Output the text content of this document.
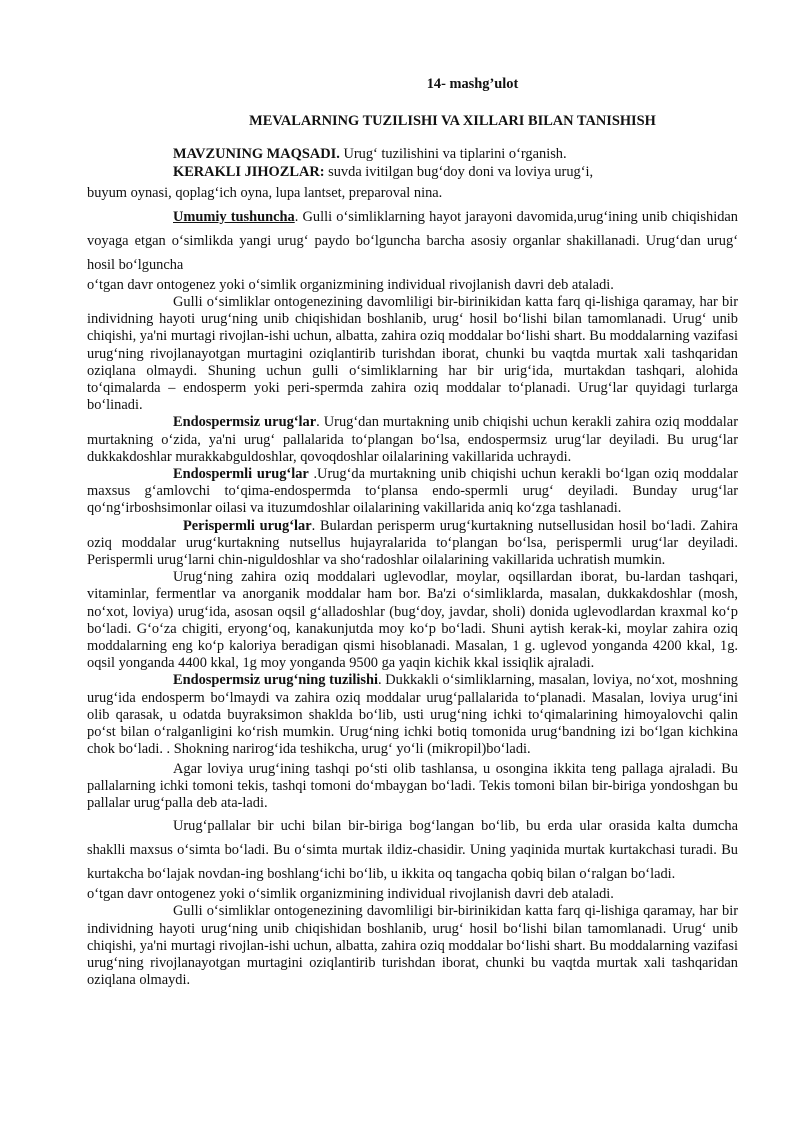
14- mashg’ulot
MEVALARNING TUZILISHI VA XILLARI BILAN TANISHISH

MAVZUNING MAQSADI. Urug‘ tuzilishini va tiplarini o‘rganish.

KERAKLI JIHOZLAR: suvda ivitilgan bug‘doy doni va loviya urug‘i,

buyum oynasi, qoplag‘ich oyna, lupa lantset, preparoval nina.

Umumiy tushuncha. Gulli o‘simliklarning hayot jarayoni davomida,urug‘ining unib chiqishidan voyaga etgan o‘simlikda yangi urug‘ paydo bo‘lguncha barcha asosiy organlar shakillanadi. Urug‘dan urug‘ hosil bo‘lguncha

o‘tgan davr ontogenez yoki o‘simlik organizmining individual rivojlanish davri deb ataladi.

Gulli o‘simliklar ontogenezining davomliligi bir-birinikidan katta farq qi-lishiga qaramay, har bir individning hayoti urug‘ning unib chiqishidan boshlanib, urug‘ hosil bo‘lishi bilan tamomlanadi. Urug‘ unib chiqishi, ya'ni murtagi rivojlan-ishi uchun, albatta, zahira oziq moddalar bo‘lishi shart. Bu moddalarning vazifasi urug‘ning rivojlanayotgan murtagini oziqlantirib turishdan iborat, chunki bu vaqtda murtak xali tashqaridan oziqlana olmaydi. Shuning uchun gulli o‘simliklarning har bir urig‘ida, murtakdan tashqari, alohida to‘qimalarda – endosperm yoki peri-spermda zahira oziq moddalar to‘planadi. Urug‘lar quyidagi turlarga bo‘linadi.

Endospermsiz urug‘lar. Urug‘dan murtakning unib chiqishi uchun kerakli zahira oziq moddalar murtakning o‘zida, ya'ni urug‘ pallalarida to‘plangan bo‘lsa, endospermsiz urug‘lar deyiladi. Bu urug‘lar dukkakdoshlar murakkabguldoshlar, qovoqdoshlar oilalarining vakillarida uchraydi.

Endospermli urug‘lar .Urug‘da murtakning unib chiqishi uchun kerakli bo‘lgan oziq moddalar maxsus g‘amlovchi to‘qima-endospermda to‘plansa endo-spermli urug‘ deyiladi. Bunday urug‘lar qo‘ng‘irboshsimonlar oilasi va ituzumdoshlar oilalarining vakillarida aniq ko‘zga tashlanadi.

Perispermli urug‘lar. Bulardan perisperm urug‘kurtakning nutsellusidan hosil bo‘ladi. Zahira oziq moddalar urug‘kurtakning nutsellus hujayralarida to‘plangan bo‘lsa, perispermli urug‘lar deyiladi. Perispermli urug‘larni chin-niguldoshlar va sho‘radoshlar oilalarining vakillarida uchratish mumkin.

Urug‘ning zahira oziq moddalari uglevodlar, moylar, oqsillardan iborat, bu-lardan tashqari, vitaminlar, fermentlar va anorganik moddalar ham bor. Ba'zi o‘simliklarda, masalan, dukkakdoshlar (mosh, no‘xot, loviya) urug‘ida, asosan oqsil g‘alladoshlar (bug‘doy, javdar, sholi) donida uglevodlardan kraxmal ko‘p bo‘ladi. G‘o‘za chigiti, eryong‘oq, kanakunjutda moy ko‘p bo‘ladi. Shuni aytish kerak-ki, moylar zahira oziq moddalarning eng ko‘p kaloriya beradigan qismi hisoblanadi. Masalan, 1 g. uglevod yonganda 4200 kkal, 1g. oqsil yonganda 4400 kkal, 1g moy yonganda 9500 ga yaqin kichik kkal issiqlik ajraladi.

Endospermsiz urug‘ning tuzilishi. Dukkakli o‘simliklarning, masalan, loviya, no‘xot, moshning urug‘ida endosperm bo‘lmaydi va zahira oziq moddalar urug‘pallalarida to‘planadi. Masalan, loviya urug‘ini olib qarasak, u odatda buyraksimon shaklda bo‘lib, usti urug‘ning ichki to‘qimalarining himoyalovchi qalin po‘st bilan o‘ralganligini ko‘rish mumkin. Urug‘ning ichki botiq tomonida urug‘bandning izi bo‘lgan kichkina chok bo‘ladi. . Shokning narirog‘ida teshikcha, urug‘ yo‘li (mikropil)bo‘ladi.

Agar loviya urug‘ining tashqi po‘sti olib tashlansa, u osongina ikkita teng pallaga ajraladi. Bu pallalarning ichki tomoni tekis, tashqi tomoni do‘mbaygan bo‘ladi. Tekis tomoni bilan bir-biriga yondoshgan bu pallalar urug‘palla deb ata-ladi.

Urug‘pallalar bir uchi bilan bir-biriga bog‘langan bo‘lib, bu erda ular orasida kalta dumcha shaklli maxsus o‘simta bo‘ladi. Bu o‘simta murtak ildiz-chasidir. Uning yaqinida murtak kurtakchasi turadi. Bu kurtakcha bo‘lajak novdan-ing boshlang‘ichi bo‘lib, u ikkita oq tangacha qobiq bilan o‘ralgan bo‘ladi.

o‘tgan davr ontogenez yoki o‘simlik organizmining individual rivojlanish davri deb ataladi.

Gulli o‘simliklar ontogenezining davomliligi bir-birinikidan katta farq qi-lishiga qaramay, har bir individning hayoti urug‘ning unib chiqishidan boshlanib, urug‘ hosil bo‘lishi bilan tamomlanadi. Urug‘ unib chiqishi, ya'ni murtagi rivojlan-ishi uchun, albatta, zahira oziq moddalar bo‘lishi shart. Bu moddalarning vazifasi urug‘ning rivojlanayotgan murtagini oziqlantirib turishdan iborat, chunki bu vaqtda murtak xali tashqaridan oziqlana olmaydi.
